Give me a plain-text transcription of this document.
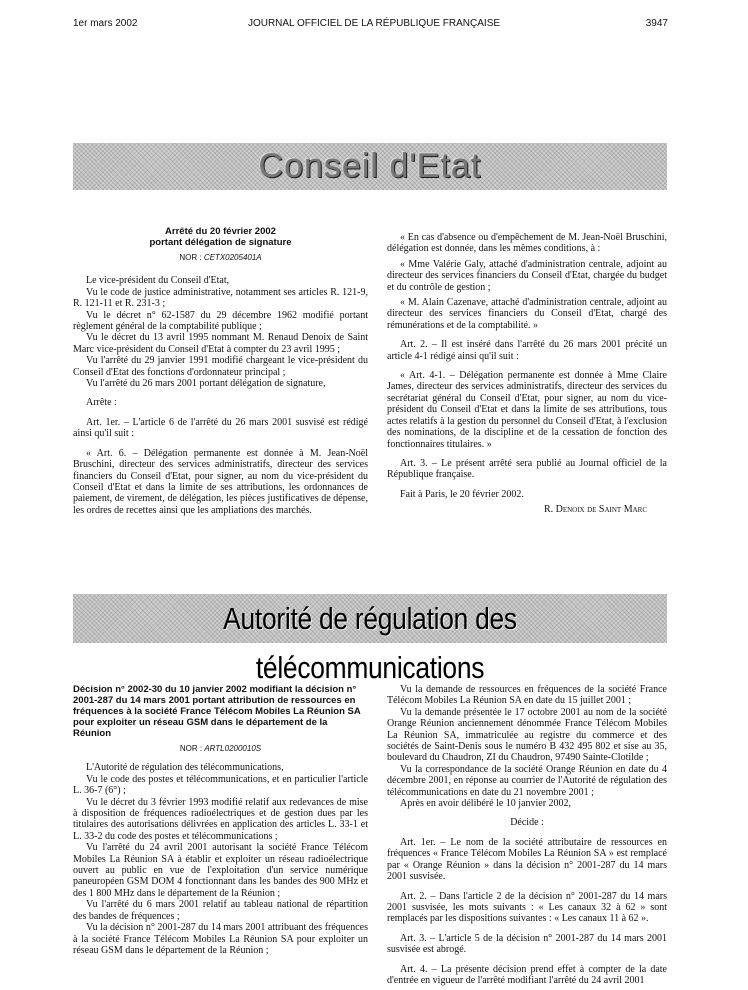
1er mars 2002	JOURNAL OFFICIEL DE LA RÉPUBLIQUE FRANÇAISE	3947
Conseil d'Etat
Arrêté du 20 février 2002
portant délégation de signature
NOR : CETX0205401A

Le vice-président du Conseil d'Etat,

Vu le code de justice administrative, notamment ses articles R. 121-9, R. 121-11 et R. 231-3 ;

Vu le décret n° 62-1587 du 29 décembre 1962 modifié portant règlement général de la comptabilité publique ;

Vu le décret du 13 avril 1995 nommant M. Renaud Denoix de Saint Marc vice-président du Conseil d'Etat à compter du 23 avril 1995 ;

Vu l'arrêté du 29 janvier 1991 modifié chargeant le vice-président du Conseil d'Etat des fonctions d'ordonnateur principal ;

Vu l'arrêté du 26 mars 2001 portant délégation de signature,

Arrête :

Art. 1er. – L'article 6 de l'arrêté du 26 mars 2001 susvisé est rédigé ainsi qu'il suit :

« Art. 6. – Délégation permanente est donnée à M. Jean-Noël Bruschini, directeur des services administratifs, directeur des services financiers du Conseil d'Etat, pour signer, au nom du vice-président du Conseil d'Etat et dans la limite de ses attributions, les ordonnances de paiement, de virement, de délégation, les pièces justificatives de dépense, les ordres de recettes ainsi que les ampliations des marchés.

« En cas d'absence ou d'empêchement de M. Jean-Noël Bruschini, délégation est donnée, dans les mêmes conditions, à :

« Mme Valérie Galy, attaché d'administration centrale, adjoint au directeur des services financiers du Conseil d'Etat, chargée du budget et du contrôle de gestion ;

« M. Alain Cazenave, attaché d'administration centrale, adjoint au directeur des services financiers du Conseil d'Etat, chargé des rémunérations et de la comptabilité. »

Art. 2. – Il est inséré dans l'arrêté du 26 mars 2001 précité un article 4-1 rédigé ainsi qu'il suit :

« Art. 4-1. – Délégation permanente est donnée à Mme Claire James, directeur des services administratifs, directeur des services du secrétariat général du Conseil d'Etat, pour signer, au nom du vice-président du Conseil d'Etat et dans la limite de ses attributions, tous actes relatifs à la gestion du personnel du Conseil d'Etat, à l'exclusion des nominations, de la discipline et de la cessation de fonction des fonctionnaires titulaires. »

Art. 3. – Le présent arrêté sera publié au Journal officiel de la République française.

Fait à Paris, le 20 février 2002.

R. Denoix de Saint Marc

Autorité de régulation des télécommunications
Décision n° 2002-30 du 10 janvier 2002 modifiant la décision n° 2001-287 du 14 mars 2001 portant attribution de ressources en fréquences à la société France Télécom Mobiles La Réunion SA pour exploiter un réseau GSM dans le département de la Réunion
NOR : ARTL0200010S

L'Autorité de régulation des télécommunications,

Vu le code des postes et télécommunications, et en particulier l'article L. 36-7 (6°) ;

Vu le décret du 3 février 1993 modifié relatif aux redevances de mise à disposition de fréquences radioélectriques et de gestion dues par les titulaires des autorisations délivrées en application des articles L. 33-1 et L. 33-2 du code des postes et télécommunications ;

Vu l'arrêté du 24 avril 2001 autorisant la société France Télécom Mobiles La Réunion SA à établir et exploiter un réseau radioélectrique ouvert au public en vue de l'exploitation d'un service numérique paneuropéen GSM DOM 4 fonctionnant dans les bandes des 900 MHz et des 1 800 MHz dans le département de la Réunion ;

Vu l'arrêté du 6 mars 2001 relatif au tableau national de répartition des bandes de fréquences ;

Vu la décision n° 2001-287 du 14 mars 2001 attribuant des fréquences à la société France Télécom Mobiles La Réunion SA pour exploiter un réseau GSM dans le département de la Réunion ;

Vu la demande de ressources en fréquences de la société France Télécom Mobiles La Réunion SA en date du 15 juillet 2001 ;

Vu la demande présentée le 17 octobre 2001 au nom de la société Orange Réunion anciennement dénommée France Télécom Mobiles La Réunion SA, immatriculée au registre du commerce et des sociétés de Saint-Denis sous le numéro B 432 495 802 et sise au 35, boulevard du Chaudron, ZI du Chaudron, 97490 Sainte-Clotilde ;

Vu la correspondance de la société Orange Réunion en date du 4 décembre 2001, en réponse au courrier de l'Autorité de régulation des télécommunications en date du 21 novembre 2001 ;

Après en avoir délibéré le 10 janvier 2002,

Décide :

Art. 1er. – Le nom de la société attributaire de ressources en fréquences « France Télécom Mobiles La Réunion SA » est remplacé par « Orange Réunion » dans la décision n° 2001-287 du 14 mars 2001 susvisée.

Art. 2. – Dans l'article 2 de la décision n° 2001-287 du 14 mars 2001 susvisée, les mots suivants : « Les canaux 32 à 62 » sont remplacés par les dispositions suivantes : « Les canaux 11 à 62 ».

Art. 3. – L'article 5 de la décision n° 2001-287 du 14 mars 2001 susvisée est abrogé.

Art. 4. – La présente décision prend effet à compter de la date d'entrée en vigueur de l'arrêté modifiant l'arrêté du 24 avril 2001
